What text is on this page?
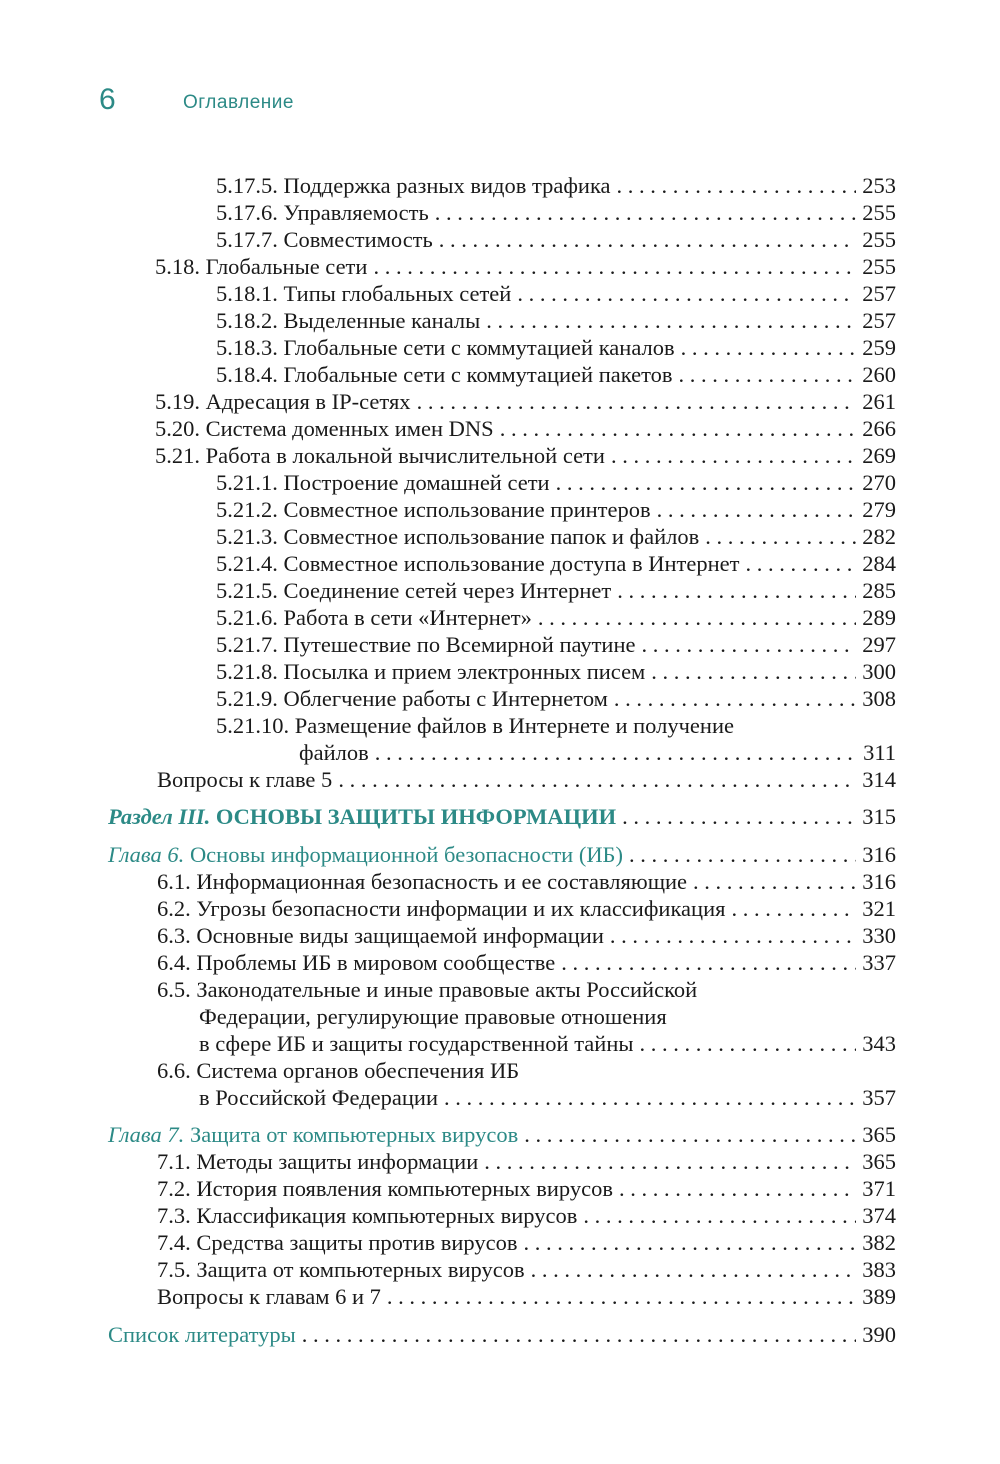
6	Оглавление
5.17.5. Поддержка разных видов трафика . . .	253
5.17.6. Управляемость . . .	255
5.17.7. Совместимость . . .	255
5.18. Глобальные сети . . .	255
5.18.1. Типы глобальных сетей . . .	257
5.18.2. Выделенные каналы . . .	257
5.18.3. Глобальные сети с коммутацией каналов . . .	259
5.18.4. Глобальные сети с коммутацией пакетов . . .	260
5.19. Адресация в IP-сетях . . .	261
5.20. Система доменных имен DNS . . .	266
5.21. Работа в локальной вычислительной сети . . .	269
5.21.1. Построение домашней сети . . .	270
5.21.2. Совместное использование принтеров . . .	279
5.21.3. Совместное использование папок и файлов . . .	282
5.21.4. Совместное использование доступа в Интернет . . .	284
5.21.5. Соединение сетей через Интернет . . .	285
5.21.6. Работа в сети «Интернет» . . .	289
5.21.7. Путешествие по Всемирной паутине . . .	297
5.21.8. Посылка и прием электронных писем . . .	300
5.21.9. Облегчение работы с Интернетом . . .	308
5.21.10. Размещение файлов в Интернете и получение
файлов . . .	311
Вопросы к главе 5 . . .	314
Раздел III. ОСНОВЫ ЗАЩИТЫ ИНФОРМАЦИИ . . .	315
Глава 6. Основы информационной безопасности (ИБ) . . .	316
6.1. Информационная безопасность и ее составляющие . . .	316
6.2. Угрозы безопасности информации и их классификация . . .	321
6.3. Основные виды защищаемой информации . . .	330
6.4. Проблемы ИБ в мировом сообществе . . .	337
6.5. Законодательные и иные правовые акты Российской
Федерации, регулирующие правовые отношения
в сфере ИБ и защиты государственной тайны . . .	343
6.6. Система органов обеспечения ИБ
в Российской Федерации . . .	357
Глава 7. Защита от компьютерных вирусов . . .	365
7.1. Методы защиты информации . . .	365
7.2. История появления компьютерных вирусов . . .	371
7.3. Классификация компьютерных вирусов . . .	374
7.4. Средства защиты против вирусов . . .	382
7.5. Защита от компьютерных вирусов . . .	383
Вопросы к главам 6 и 7 . . .	389
Список литературы . . .	390
